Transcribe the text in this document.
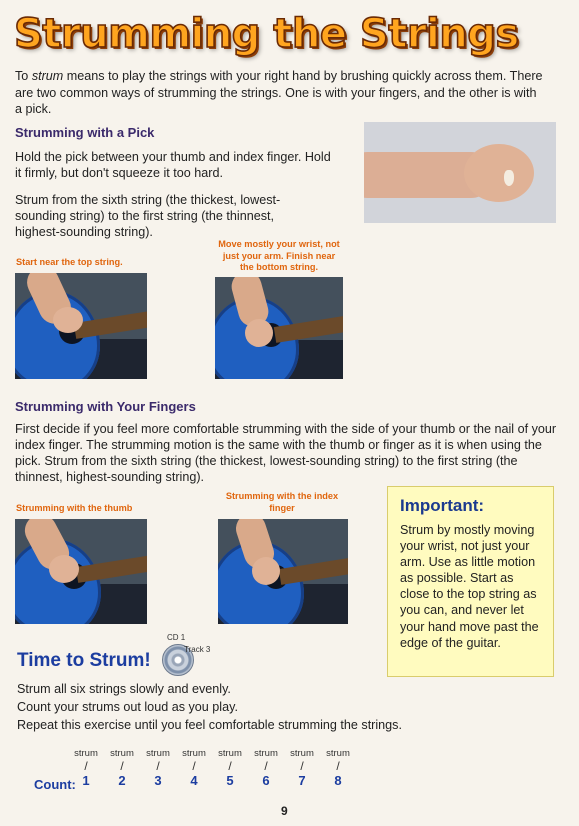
Strumming the Strings
To strum means to play the strings with your right hand by brushing quickly across them. There are two common ways of strumming the strings. One is with your fingers, and the other is with a pick.
Strumming with a Pick
Hold the pick between your thumb and index finger. Hold it firmly, but don't squeeze it too hard.
Strum from the sixth string (the thickest, lowest-sounding string) to the first string (the thinnest, highest-sounding string).
Start near the top string.
Move mostly your wrist, not just your arm. Finish near the bottom string.
Strumming with Your Fingers
First decide if you feel more comfortable strumming with the side of your thumb or the nail of your index finger. The strumming motion is the same with the thumb or finger as it is when using the pick. Strum from the sixth string (the thickest, lowest-sounding string) to the first string (the thinnest, highest-sounding string).
Strumming with the thumb
Strumming with the index finger	Important:
Strum by mostly moving your wrist, not just your arm. Use as little motion as possible. Start as close to the top string as you can, and never let your hand move past the edge of the guitar.
CD 1
Track 3
Time to Strum!
Strum all six strings slowly and evenly.
Count your strums out loud as you play.
Repeat this exercise until you feel comfortable strumming the strings.
Count:
strum
/
1
strum
/
2
strum
/
3
strum
/
4
strum
/
5
strum
/
6
strum
/
7
strum
/
8
9
